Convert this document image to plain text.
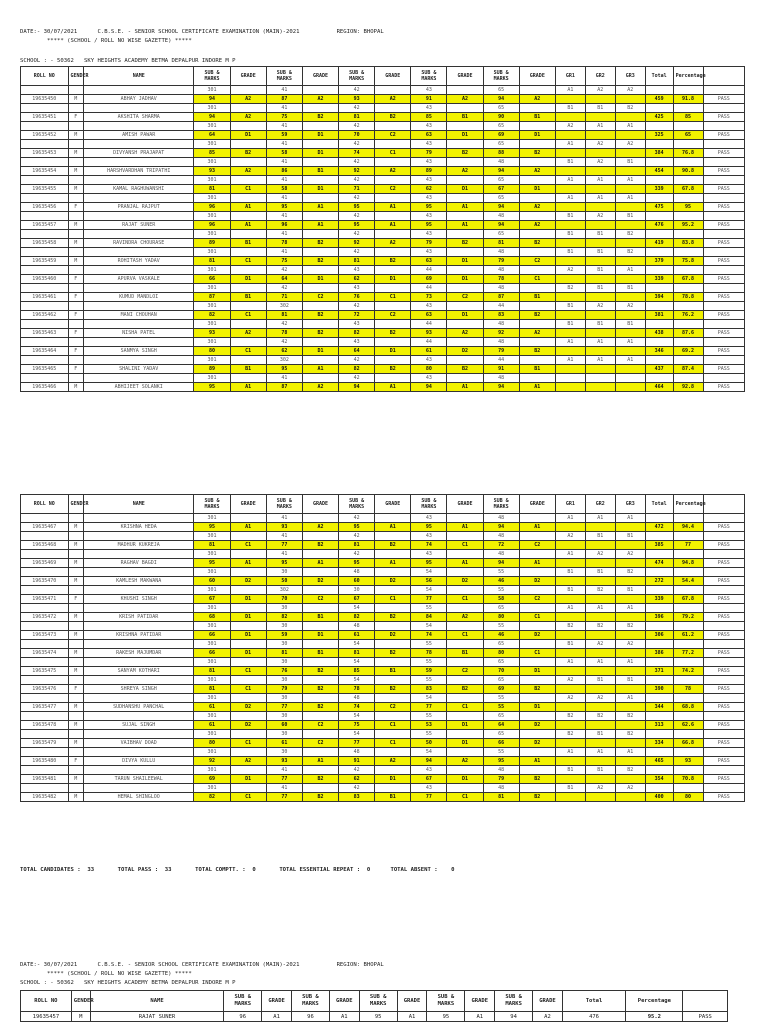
DATE:- 30/07/2021      C.B.S.E. - SENIOR SCHOOL CERTIFICATE EXAMINATION (MAIN)-2021           REGION: BHOPAL
***** (SCHOOL / ROLL NO WISE GAZETTE) *****
SCHOOL : - 50362   SKY HEIGHTS ACADEMY BETMA DEPALPUR INDORE M P
ROLL NO	GENDER	NAME	SUB & MARKS	GRADE	SUB & MARKS	GRADE	SUB & MARKS	GRADE	SUB & MARKS	GRADE	SUB & MARKS	GRADE	GR1	GR2	GR3	Total	Percentage	
			301		41		42		43		65		A1	A2	A2			
19635450	M	ABHAY JADHAV	94	A2	87	A2	93	A2	91	A2	94	A2				459	91.8	PASS
			301		41		42		43		65		B1	B1	B2			
19635451	F	AKSHITA SHARMA	94	A2	75	B2	81	B2	85	B1	90	B1				425	85	PASS
			301		41		42		43		65		A2	A1	A1			
19635452	M	AMISH PAWAR	64	D1	59	D1	70	C2	63	D1	69	D1				325	65	PASS
			301		41		42		43		65		A1	A2	A2			
19635453	M	DIVYANSH PRAJAPAT	85	B2	58	D1	74	C1	79	B2	88	B2				384	76.8	PASS
			301		41		42		43		48		B1	A2	B1			
19635454	M	HARSHVARDHAN TRIPATHI	93	A2	86	B1	92	A2	89	A2	94	A2				454	90.8	PASS
			301		41		42		43		65		A1	A1	A1			
19635455	M	KAMAL RAGHUWANSHI	81	C1	58	D1	71	C2	62	D1	67	D1				339	67.8	PASS
			301		41		42		43		65		A1	A1	A1			
19635456	F	PRANJAL RAJPUT	96	A1	95	A1	95	A1	95	A1	94	A2				475	95	PASS
			301		41		42		43		48		B1	A2	B1			
19635457	M	RAJAT SUNER	96	A1	96	A1	95	A1	95	A1	94	A2				476	95.2	PASS
			301		41		42		43		65		B1	B1	B2			
19635458	M	RAVINDRA CHOURASE	89	B1	78	B2	92	A2	79	B2	81	B2				419	83.8	PASS
			301		41		42		43		48		B1	B1	B2			
19635459	M	ROHITASH YADAV	81	C1	75	B2	81	B2	63	D1	79	C2				379	75.8	PASS
			301		42		43		44		48		A2	B1	A1			
19635460	F	APURVA VASKALE	66	D1	64	D1	62	D1	69	D1	78	C1				339	67.8	PASS
			301		42		43		44		48		B2	B1	B1			
19635461	F	KUMUD MANDLOI	87	B1	71	C2	76	C1	73	C2	87	B1				394	78.8	PASS
			301		302		42		43		44		B1	A2	A2			
19635462	F	MANI CHOUHAN	82	C1	81	B2	72	C2	63	D1	83	B2				381	76.2	PASS
			301		42		43		44		48		B1	B1	B1			
19635463	F	NISHA PATEL	93	A2	78	B2	82	B2	93	A2	92	A2				438	87.6	PASS
			301		42		43		44		48		A1	A1	A1			
19635464	F	SANMYA SINGH	80	C1	62	D1	64	D1	61	D2	79	B2				346	69.2	PASS
			301		302		42		43		44		A1	A1	A1			
19635465	F	SHALINI YADAV	89	B1	95	A1	82	B2	80	B2	91	B1				437	87.4	PASS
			301		41		42		43		48							
19635466	M	ABHIJEET SOLANKI	95	A1	87	A2	94	A1	94	A1	94	A1				464	92.8	PASS
ROLL NO	GENDER	NAME	SUB & MARKS	GRADE	SUB & MARKS	GRADE	SUB & MARKS	GRADE	SUB & MARKS	GRADE	SUB & MARKS	GRADE	GR1	GR2	GR3	Total	Percentage	
			301		41		42		43		48		A1	A1	A1			
19635467	M	KRISHNA HEDA	95	A1	93	A2	95	A1	95	A1	94	A1				472	94.4	PASS
			301		41		42		43		48		A2	B1	B1			
19635468	M	MADHUR KUKREJA	81	C1	77	B2	81	B2	74	C1	72	C2				385	77	PASS
			301		41		42		43		48		A1	A2	A2			
19635469	M	RAGHAV BAGDI	95	A1	95	A1	95	A1	95	A1	94	A1				474	94.8	PASS
			301		30		48		54		55		B1	B1	B2			
19635470	M	KAMLESH MAKWANA	60	D2	50	D2	60	D2	56	D2	46	D2				272	54.4	PASS
			301		302		30		54		55		B1	B2	B1			
19635471	F	KHUSHI SINGH	67	D1	70	C2	67	C1	77	C1	58	C2				339	67.8	PASS
			301		30		54		55		65		A1	A1	A1			
19635472	M	KRISH PATIDAR	68	D1	82	B1	82	B2	84	A2	80	C1				396	79.2	PASS
			301		30		48		54		55		B2	B2	B2			
19635473	M	KRISHNA PATIDAR	66	D1	59	D1	61	D2	74	C1	46	D2				306	61.2	PASS
			301		30		54		55		65		B1	A2	A2			
19635474	M	RAKESH MAJUMDAR	66	D1	81	B1	81	B2	78	B1	80	C1				386	77.2	PASS
			301		30		54		55		65		A1	A1	A1			
19635475	M	SANYAM KOTHARI	81	C1	76	B2	85	B1	59	C2	70	D1				371	74.2	PASS
			301		30		54		55		65		A2	B1	B1			
19635476	F	SHREYA SINGH	81	C1	79	B2	78	B2	83	B2	69	B2				390	78	PASS
			301		30		48		54		55		A2	A2	A1			
19635477	M	SUDHANSHU PANCHAL	61	D2	77	B2	74	C2	77	C1	55	D1				344	68.8	PASS
			301		30		54		55		65		B2	B2	B2			
19635478	M	SUJAL SINGH	61	D2	60	C2	75	C1	53	D1	64	D2				313	62.6	PASS
			301		30		54		55		65		B2	B1	B2			
19635479	M	VAIBHAV DOAD	80	C1	61	C2	77	C1	50	D1	66	D2				334	66.8	PASS
			301		30		48		54		55		A1	A1	A1			
19635480	F	DIVYA KULLU	92	A2	93	A1	91	A2	94	A2	95	A1				465	93	PASS
			301		41		42		43		48		B1	B1	B2			
19635481	M	TARUN SHAILEEWAL	69	D1	77	B2	62	D1	67	D1	79	B2				354	70.8	PASS
			301		41		42		43		48		B1	A2	A2			
19635482	M	HEMAL SHINGLOO	82	C1	77	B2	83	B1	77	C1	81	B2				400	80	PASS
TOTAL CANDIDATES :  33       TOTAL PASS :  33       TOTAL COMPTT. :  0       TOTAL ESSENTIAL REPEAT :  0      TOTAL ABSENT :    0
DATE:- 30/07/2021      C.B.S.E. - SENIOR SCHOOL CERTIFICATE EXAMINATION (MAIN)-2021           REGION: BHOPAL
***** (SCHOOL / ROLL NO WISE GAZETTE) *****
SCHOOL : - 50362   SKY HEIGHTS ACADEMY BETMA DEPALPUR INDORE M P
ROLL NO	GENDER	NAME	SUB & MARKS	GRADE	SUB & MARKS	GRADE	SUB & MARKS	GRADE	SUB & MARKS	GRADE	SUB & MARKS	GRADE	Total	Percentage	
19635457	M	RAJAT SUNER	96	A1	96	A1	95	A1	95	A1	94	A2	476	95.2	PASS
